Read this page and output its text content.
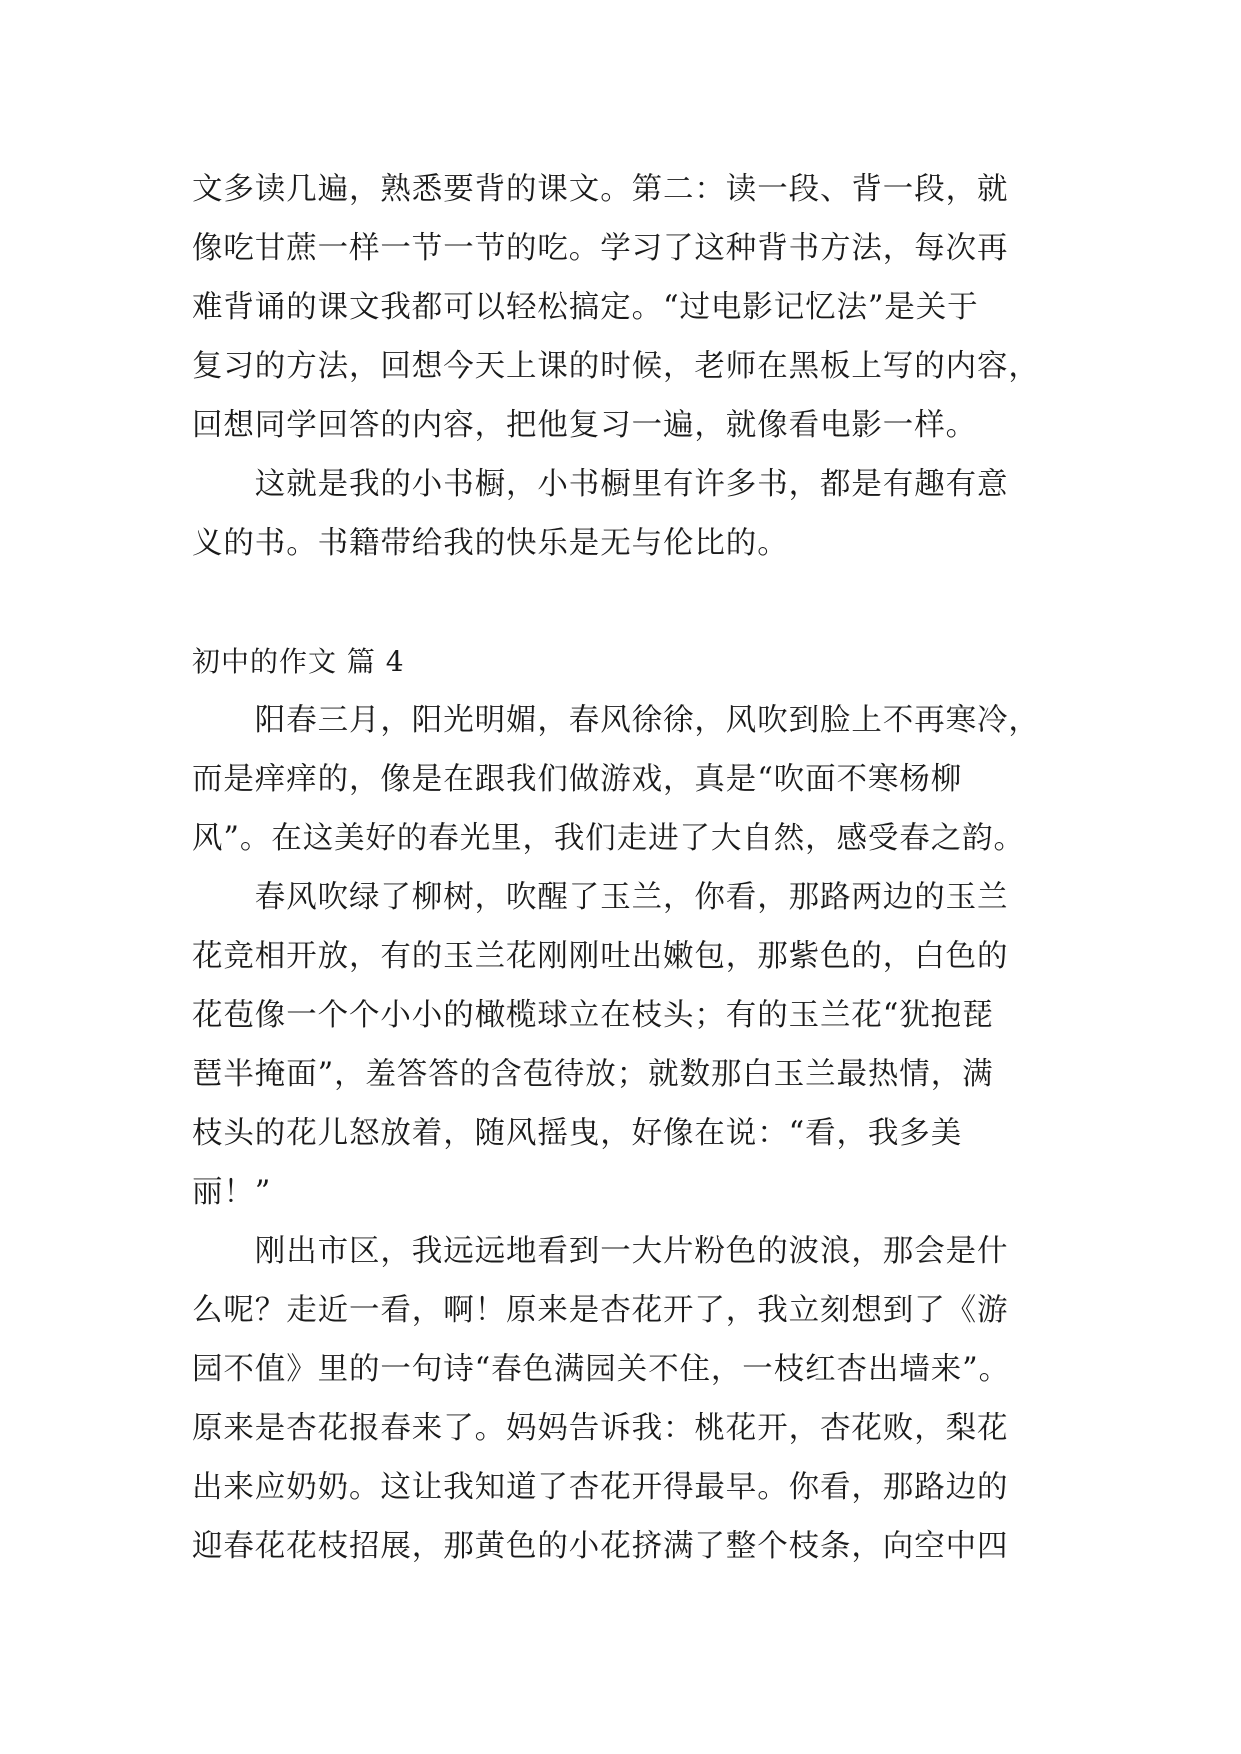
文多读几遍，熟悉要背的课文。第二：读一段、背一段，就
像吃甘蔗一样一节一节的吃。学习了这种背书方法，每次再
难背诵的课文我都可以轻松搞定。“过电影记忆法”是关于
复习的方法，回想今天上课的时候，老师在黑板上写的内容，
回想同学回答的内容，把他复习一遍，就像看电影一样。
　　这就是我的小书橱，小书橱里有许多书，都是有趣有意
义的书。书籍带给我的快乐是无与伦比的。
初中的作文 篇 4
　　阳春三月，阳光明媚，春风徐徐，风吹到脸上不再寒冷，
而是痒痒的，像是在跟我们做游戏，真是“吹面不寒杨柳
风”。在这美好的春光里，我们走进了大自然，感受春之韵。
　　春风吹绿了柳树，吹醒了玉兰，你看，那路两边的玉兰
花竞相开放，有的玉兰花刚刚吐出嫩包，那紫色的，白色的
花苞像一个个小小的橄榄球立在枝头；有的玉兰花“犹抱琵
琶半掩面”，羞答答的含苞待放；就数那白玉兰最热情，满
枝头的花儿怒放着，随风摇曳，好像在说：“看，我多美
丽！”
　　刚出市区，我远远地看到一大片粉色的波浪，那会是什
么呢？走近一看，啊！原来是杏花开了，我立刻想到了《游
园不值》里的一句诗“春色满园关不住，一枝红杏出墙来”。
原来是杏花报春来了。妈妈告诉我：桃花开，杏花败，梨花
出来应奶奶。这让我知道了杏花开得最早。你看，那路边的
迎春花花枝招展，那黄色的小花挤满了整个枝条，向空中四
